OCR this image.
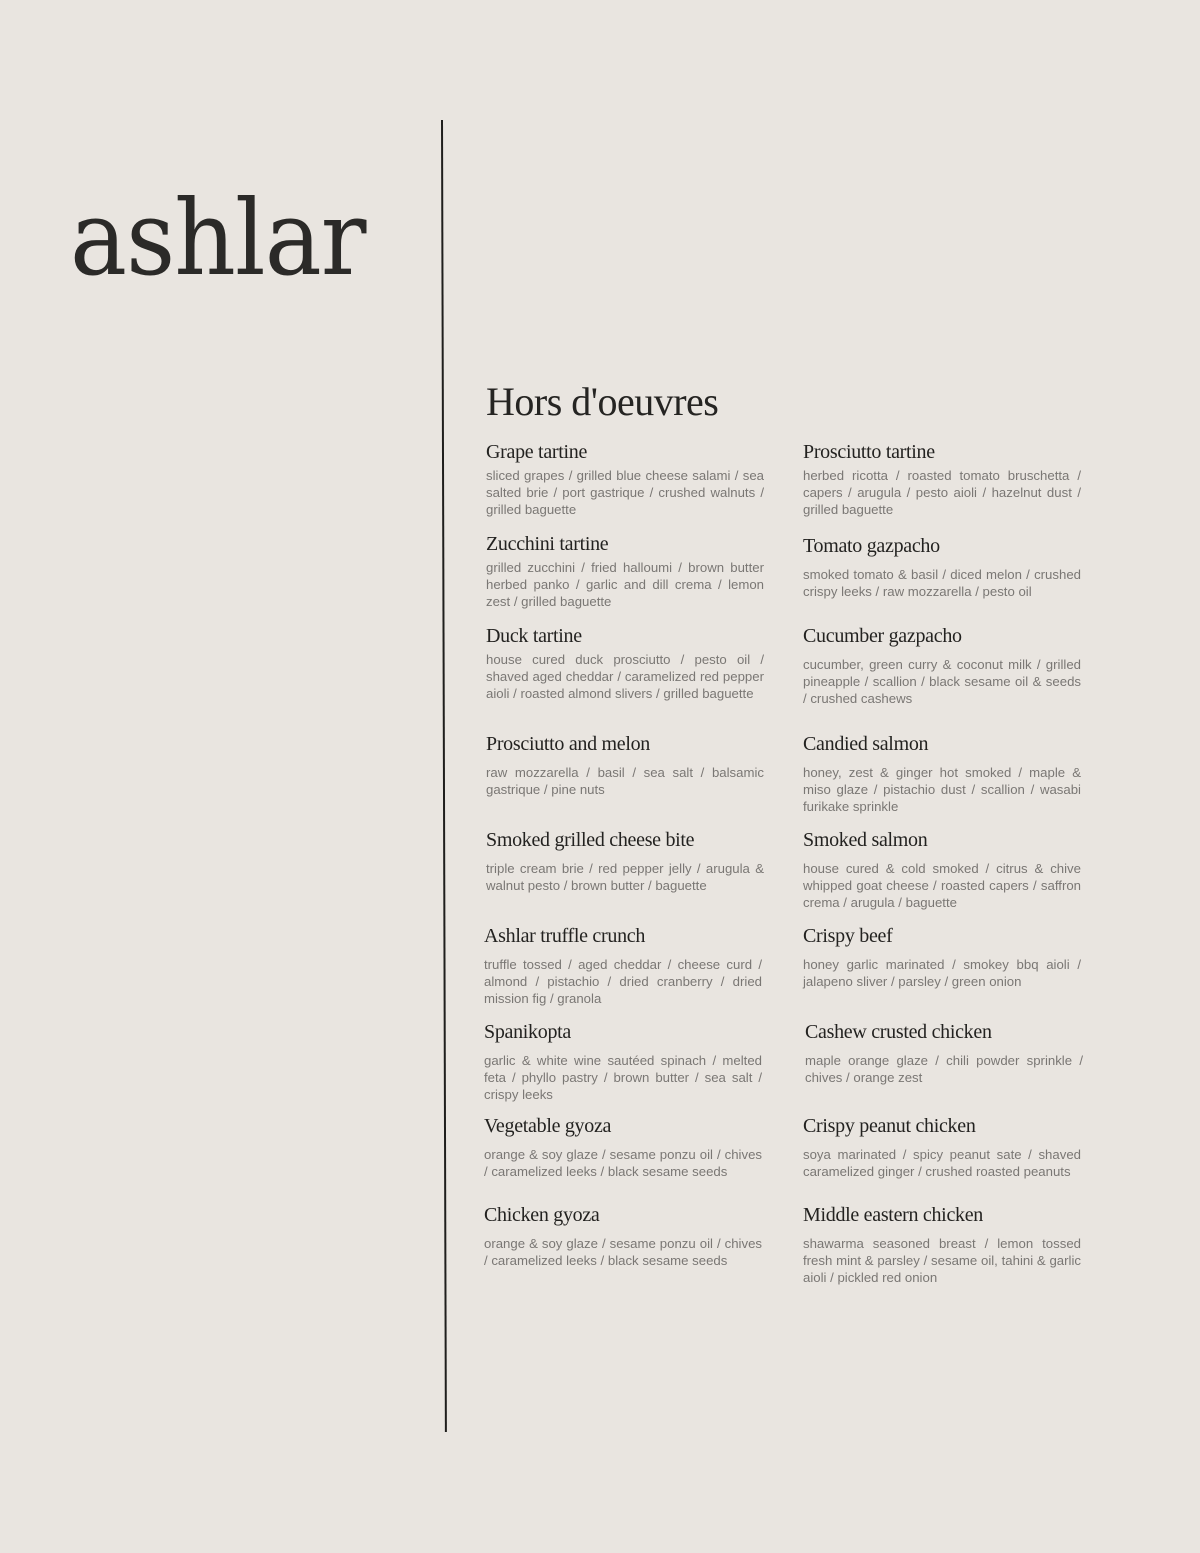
ashlar
Hors d'oeuvres
Grape tartine

sliced grapes / grilled blue cheese salami / sea salted brie / port gastrique / crushed walnuts / grilled baguette

Zucchini tartine

grilled zucchini / fried halloumi / brown butter herbed panko / garlic and dill crema / lemon zest / grilled baguette

Duck tartine

house cured duck prosciutto / pesto oil / shaved aged cheddar / caramelized red pepper aioli / roasted almond slivers / grilled baguette

Prosciutto and melon

raw mozzarella / basil / sea salt / balsamic gastrique / pine nuts

Smoked grilled cheese bite

triple cream brie / red pepper jelly / arugula & walnut pesto / brown butter / baguette

Ashlar truffle crunch

truffle tossed / aged cheddar / cheese curd / almond / pistachio / dried cranberry / dried mission fig / granola

Spanikopta

garlic & white wine sautéed spinach / melted feta / phyllo pastry / brown butter / sea salt / crispy leeks

Vegetable gyoza

orange & soy glaze / sesame ponzu oil / chives / caramelized leeks / black sesame seeds

Chicken gyoza

orange & soy glaze / sesame ponzu oil / chives / caramelized leeks / black sesame seeds

Prosciutto tartine

herbed ricotta / roasted tomato bruschetta / capers / arugula / pesto aioli / hazelnut dust / grilled baguette

Tomato gazpacho

smoked tomato & basil / diced melon / crushed crispy leeks / raw mozzarella / pesto oil

Cucumber gazpacho

cucumber, green curry & coconut milk / grilled pineapple / scallion / black sesame oil & seeds / crushed cashews

Candied salmon

honey, zest & ginger hot smoked / maple & miso glaze / pistachio dust / scallion / wasabi furikake sprinkle

Smoked salmon

house cured & cold smoked / citrus & chive whipped goat cheese / roasted capers / saffron crema / arugula / baguette

Crispy beef

honey garlic marinated / smokey bbq aioli / jalapeno sliver / parsley / green onion

Cashew crusted chicken

maple orange glaze / chili powder sprinkle / chives / orange zest

Crispy peanut chicken

soya marinated / spicy peanut sate / shaved caramelized ginger / crushed roasted peanuts

Middle eastern chicken

shawarma seasoned breast / lemon tossed fresh mint & parsley / sesame oil, tahini & garlic aioli / pickled red onion
